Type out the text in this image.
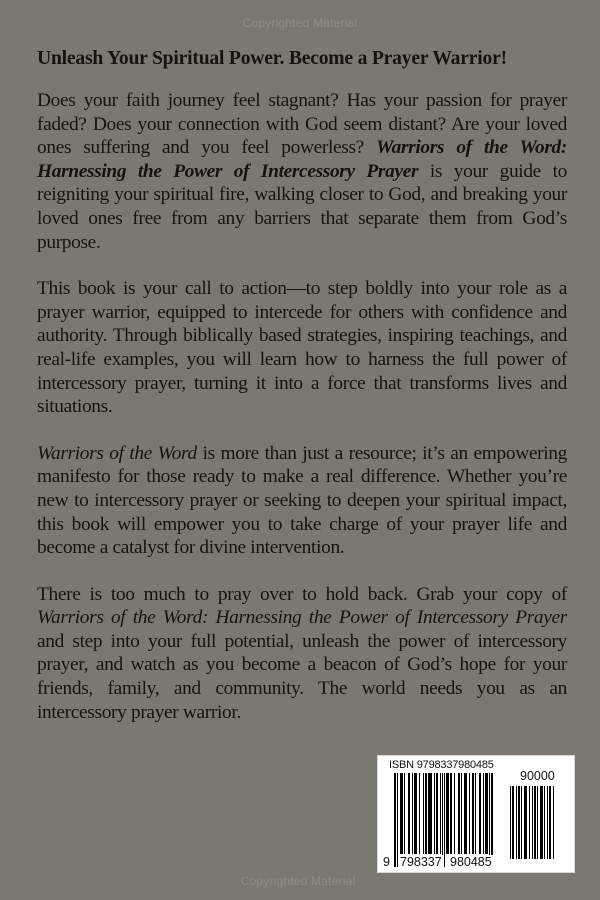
Copyrighted Material
Unleash Your Spiritual Power. Become a Prayer Warrior!

Does your faith journey feel stagnant? Has your passion for prayer faded? Does your connection with God seem distant? Are your loved ones suffering and you feel powerless? Warriors of the Word: Harnessing the Power of Intercessory Prayer is your guide to reigniting your spiritual fire, walking closer to God, and breaking your loved ones free from any barriers that separate them from God’s purpose.

This book is your call to action—to step boldly into your role as a prayer warrior, equipped to intercede for others with confidence and authority. Through biblically based strategies, inspiring teachings, and real-life examples, you will learn how to harness the full power of intercessory prayer, turning it into a force that transforms lives and situations.

Warriors of the Word is more than just a resource; it’s an empowering manifesto for those ready to make a real difference. Whether you’re new to intercessory prayer or seeking to deepen your spiritual impact, this book will empower you to take charge of your prayer life and become a catalyst for divine intervention.

There is too much to pray over to hold back. Grab your copy of Warriors of the Word: Harnessing the Power of Intercessory Prayer and step into your full potential, unleash the power of intercessory prayer, and watch as you become a beacon of God’s hope for your friends, family, and community. The world needs you as an intercessory prayer warrior.

ISBN 9798337980485
9 798337 980485
90000
Copyrighted Material
